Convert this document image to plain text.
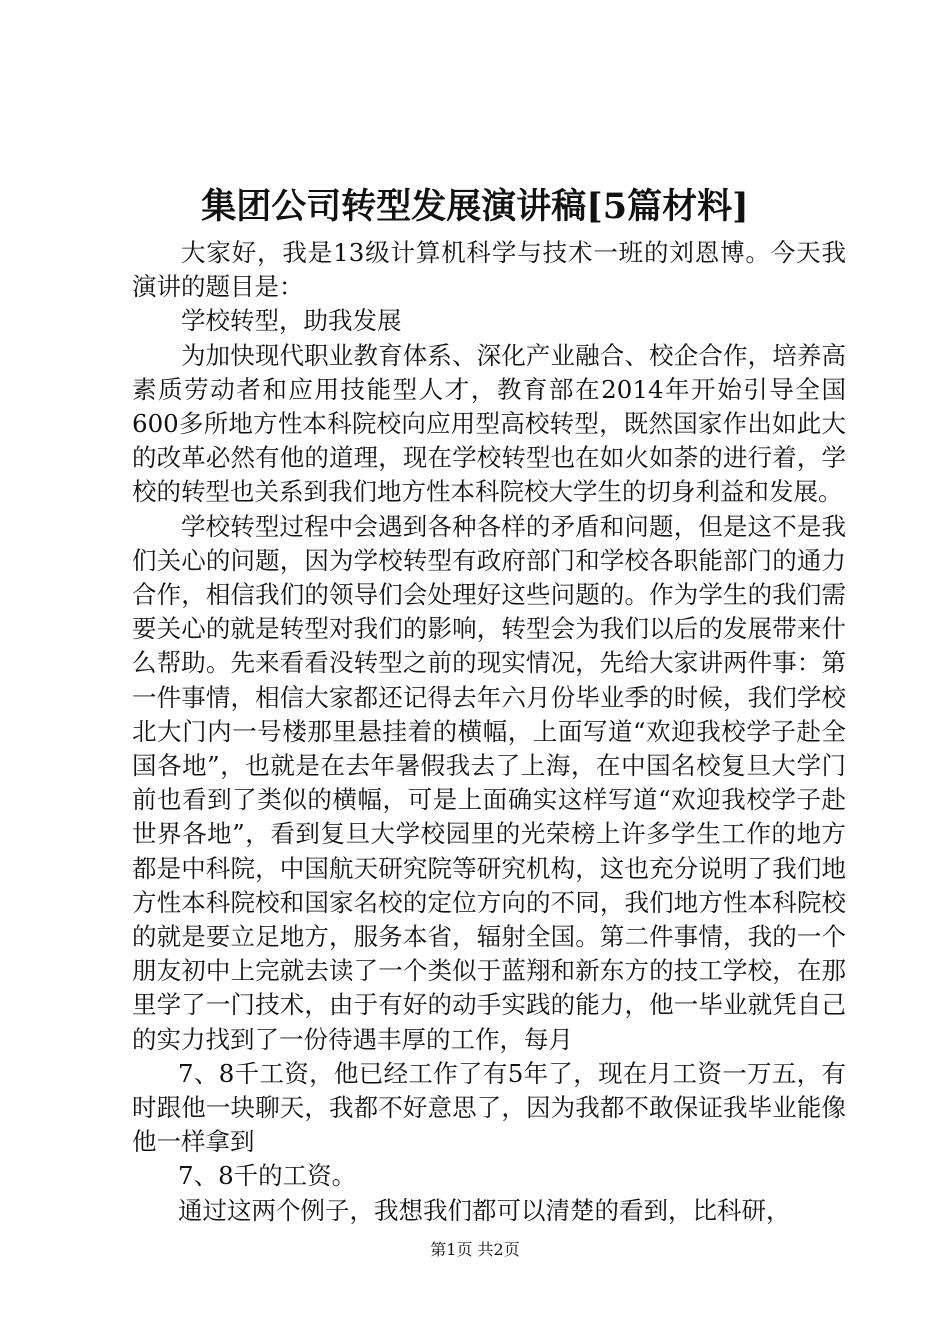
集团公司转型发展演讲稿[5篇材料]

大家好，我是13级计算机科学与技术一班的刘恩博。今天我演讲的题目是：

学校转型，助我发展

为加快现代职业教育体系、深化产业融合、校企合作，培养高素质劳动者和应用技能型人才，教育部在2014年开始引导全国600多所地方性本科院校向应用型高校转型，既然国家作出如此大的改革必然有他的道理，现在学校转型也在如火如荼的进行着，学校的转型也关系到我们地方性本科院校大学生的切身利益和发展。

学校转型过程中会遇到各种各样的矛盾和问题，但是这不是我们关心的问题，因为学校转型有政府部门和学校各职能部门的通力合作，相信我们的领导们会处理好这些问题的。作为学生的我们需要关心的就是转型对我们的影响，转型会为我们以后的发展带来什么帮助。先来看看没转型之前的现实情况，先给大家讲两件事：第一件事情，相信大家都还记得去年六月份毕业季的时候，我们学校北大门内一号楼那里悬挂着的横幅，上面写道“欢迎我校学子赴全国各地”，也就是在去年暑假我去了上海，在中国名校复旦大学门前也看到了类似的横幅，可是上面确实这样写道“欢迎我校学子赴世界各地”，看到复旦大学校园里的光荣榜上许多学生工作的地方都是中科院，中国航天研究院等研究机构，这也充分说明了我们地方性本科院校和国家名校的定位方向的不同，我们地方性本科院校的就是要立足地方，服务本省，辐射全国。第二件事情，我的一个朋友初中上完就去读了一个类似于蓝翔和新东方的技工学校，在那里学了一门技术，由于有好的动手实践的能力，他一毕业就凭自己的实力找到了一份待遇丰厚的工作，每月

7、8千工资，他已经工作了有5年了，现在月工资一万五，有时跟他一块聊天，我都不好意思了，因为我都不敢保证我毕业能像他一样拿到

7、8千的工资。

通过这两个例子，我想我们都可以清楚的看到，比科研，

第1页 共2页
